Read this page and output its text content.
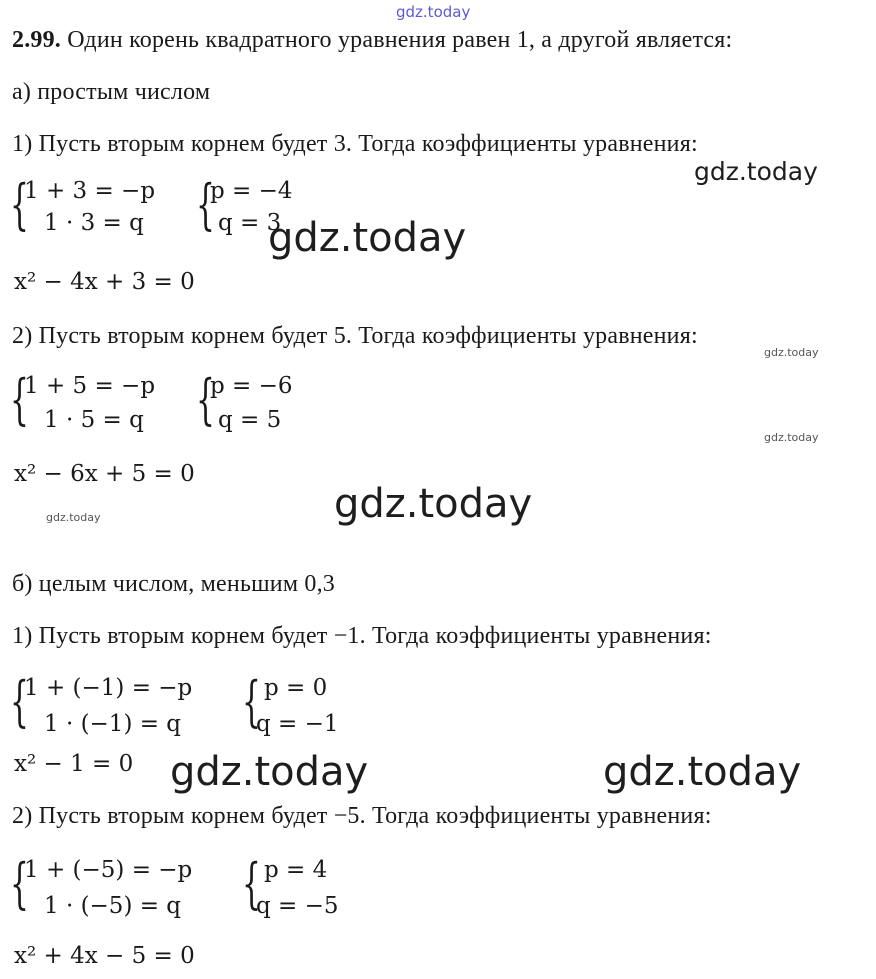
gdz.today
gdz.today
gdz.today
gdz.today
gdz.today
gdz.today
gdz.today
gdz.today	gdz.today
2.99. Один корень квадратного уравнения равен 1, а другой является:
а) простым числом
1) Пусть вторым корнем будет 3. Тогда коэффициенты уравнения:
{
1 + 3 = −p
1 · 3 = q {
p = −4
q = 3
x² − 4x + 3 = 0
2) Пусть вторым корнем будет 5. Тогда коэффициенты уравнения:
{
1 + 5 = −p
1 · 5 = q {
p = −6
q = 5
x² − 6x + 5 = 0
б) целым числом, меньшим 0,3
1) Пусть вторым корнем будет −1. Тогда коэффициенты уравнения:
{
1 + (−1) = −p
1 · (−1) = q { p = 0
q = −1
x² − 1 = 0
2) Пусть вторым корнем будет −5. Тогда коэффициенты уравнения:
{
1 + (−5) = −p
1 · (−5) = q { p = 4
q = −5
x² + 4x − 5 = 0
